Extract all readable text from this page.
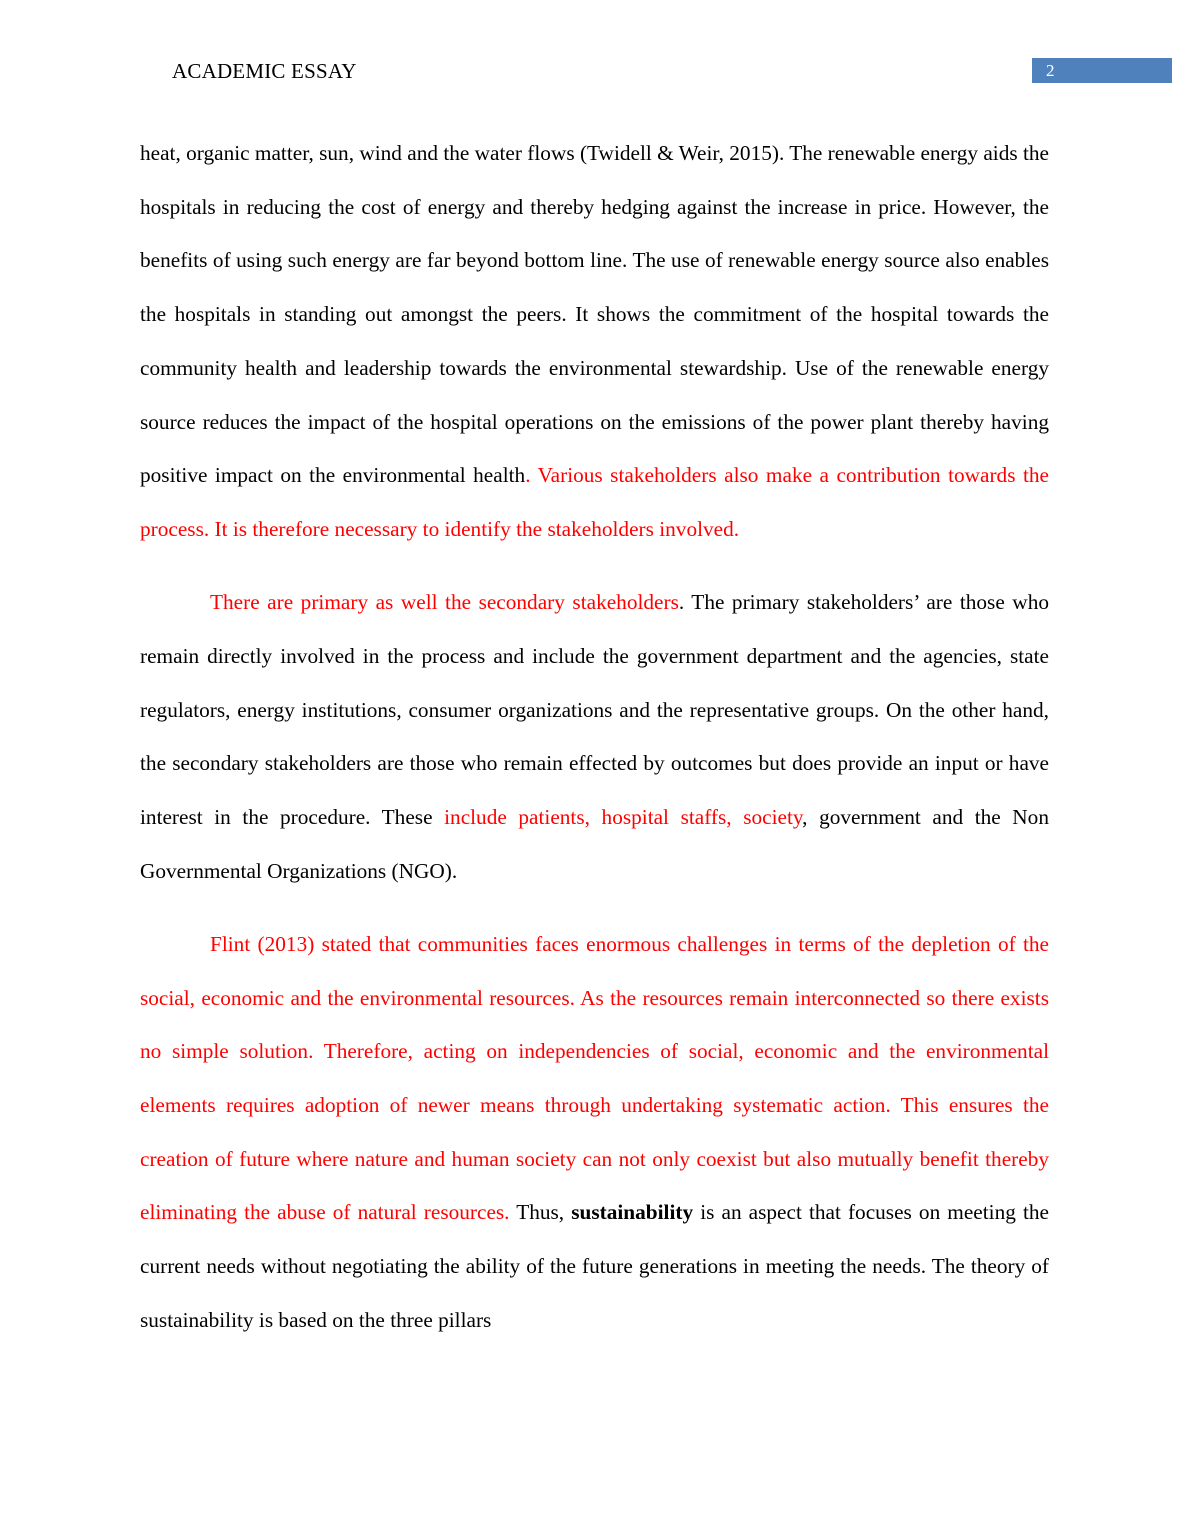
ACADEMIC ESSAY	2

heat, organic matter, sun, wind and the water flows (Twidell & Weir, 2015). The renewable energy aids the hospitals in reducing the cost of energy and thereby hedging against the increase in price. However, the benefits of using such energy are far beyond bottom line. The use of renewable energy source also enables the hospitals in standing out amongst the peers. It shows the commitment of the hospital towards the community health and leadership towards the environmental stewardship. Use of the renewable energy source reduces the impact of the hospital operations on the emissions of the power plant thereby having positive impact on the environmental health. Various stakeholders also make a contribution towards the process. It is therefore necessary to identify the stakeholders involved.

There are primary as well the secondary stakeholders. The primary stakeholders’ are those who remain directly involved in the process and include the government department and the agencies, state regulators, energy institutions, consumer organizations and the representative groups. On the other hand, the secondary stakeholders are those who remain effected by outcomes but does provide an input or have interest in the procedure. These include patients, hospital staffs, society, government and the Non Governmental Organizations (NGO).

Flint (2013) stated that communities faces enormous challenges in terms of the depletion of the social, economic and the environmental resources. As the resources remain interconnected so there exists no simple solution. Therefore, acting on independencies of social, economic and the environmental elements requires adoption of newer means through undertaking systematic action. This ensures the creation of future where nature and human society can not only coexist but also mutually benefit thereby eliminating the abuse of natural resources. Thus, sustainability is an aspect that focuses on meeting the current needs without negotiating the ability of the future generations in meeting the needs. The theory of sustainability is based on the three pillars
